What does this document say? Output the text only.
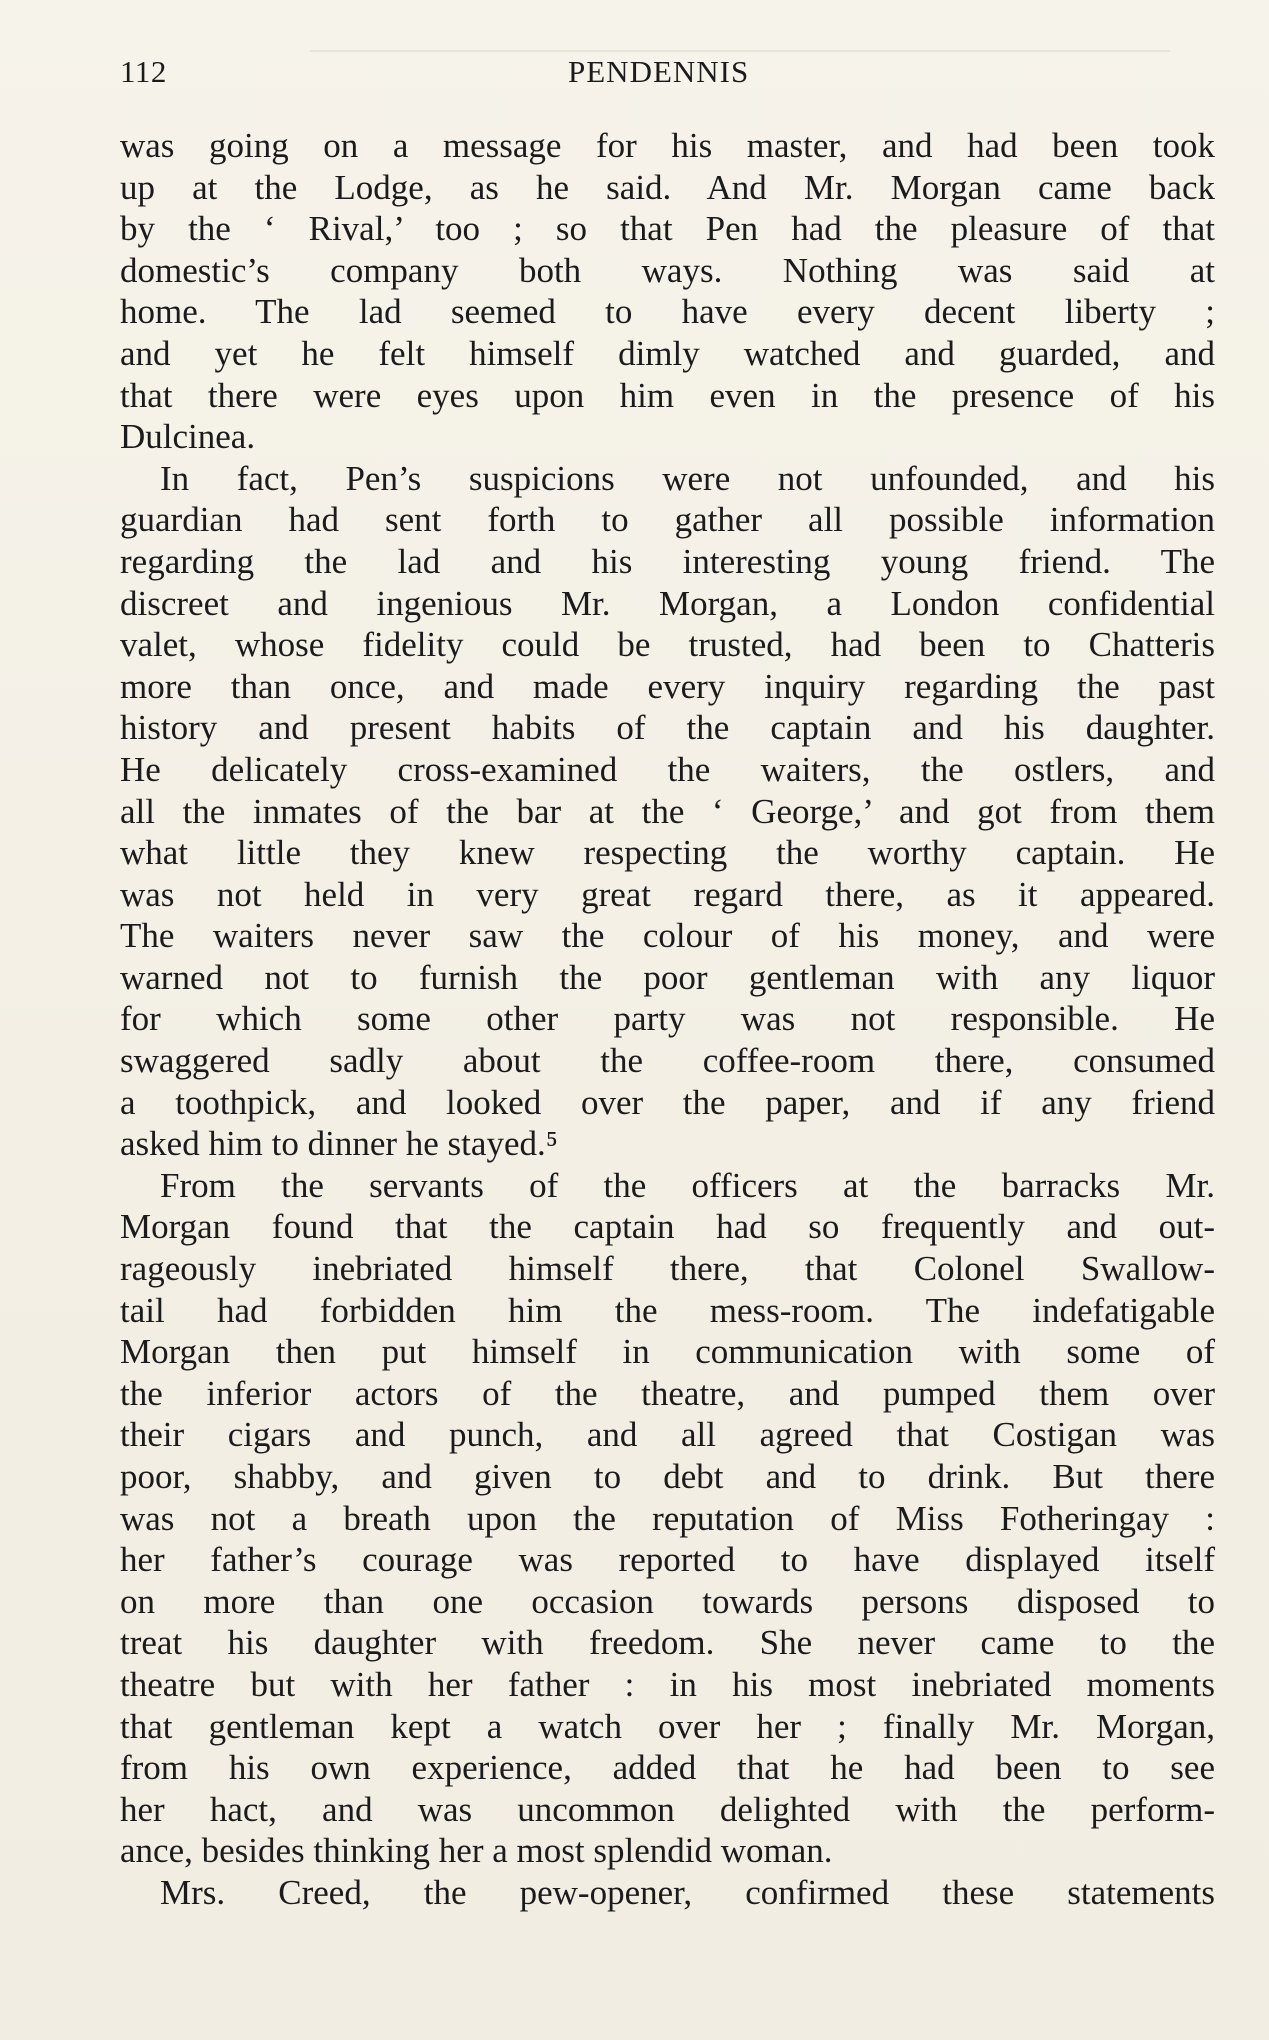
112	PENDENNIS
was going on a message for his master, and had been took
up at the Lodge, as he said. And Mr. Morgan came back
by the ‘ Rival,’ too ; so that Pen had the pleasure of that
domestic’s company both ways. Nothing was said at
home. The lad seemed to have every decent liberty ;
and yet he felt himself dimly watched and guarded, and
that there were eyes upon him even in the presence of his
Dulcinea.
In fact, Pen’s suspicions were not unfounded, and his
guardian had sent forth to gather all possible information
regarding the lad and his interesting young friend. The
discreet and ingenious Mr. Morgan, a London confidential
valet, whose fidelity could be trusted, had been to Chatteris
more than once, and made every inquiry regarding the past
history and present habits of the captain and his daughter.
He delicately cross-examined the waiters, the ostlers, and
all the inmates of the bar at the ‘ George,’ and got from them
what little they knew respecting the worthy captain. He
was not held in very great regard there, as it appeared.
The waiters never saw the colour of his money, and were
warned not to furnish the poor gentleman with any liquor
for which some other party was not responsible. He
swaggered sadly about the coffee-room there, consumed
a toothpick, and looked over the paper, and if any friend
asked him to dinner he stayed.⁵
From the servants of the officers at the barracks Mr.
Morgan found that the captain had so frequently and out-
rageously inebriated himself there, that Colonel Swallow-
tail had forbidden him the mess-room. The indefatigable
Morgan then put himself in communication with some of
the inferior actors of the theatre, and pumped them over
their cigars and punch, and all agreed that Costigan was
poor, shabby, and given to debt and to drink. But there
was not a breath upon the reputation of Miss Fotheringay :
her father’s courage was reported to have displayed itself
on more than one occasion towards persons disposed to
treat his daughter with freedom. She never came to the
theatre but with her father : in his most inebriated moments
that gentleman kept a watch over her ; finally Mr. Morgan,
from his own experience, added that he had been to see
her hact, and was uncommon delighted with the perform-
ance, besides thinking her a most splendid woman.
Mrs. Creed, the pew-opener, confirmed these statements
